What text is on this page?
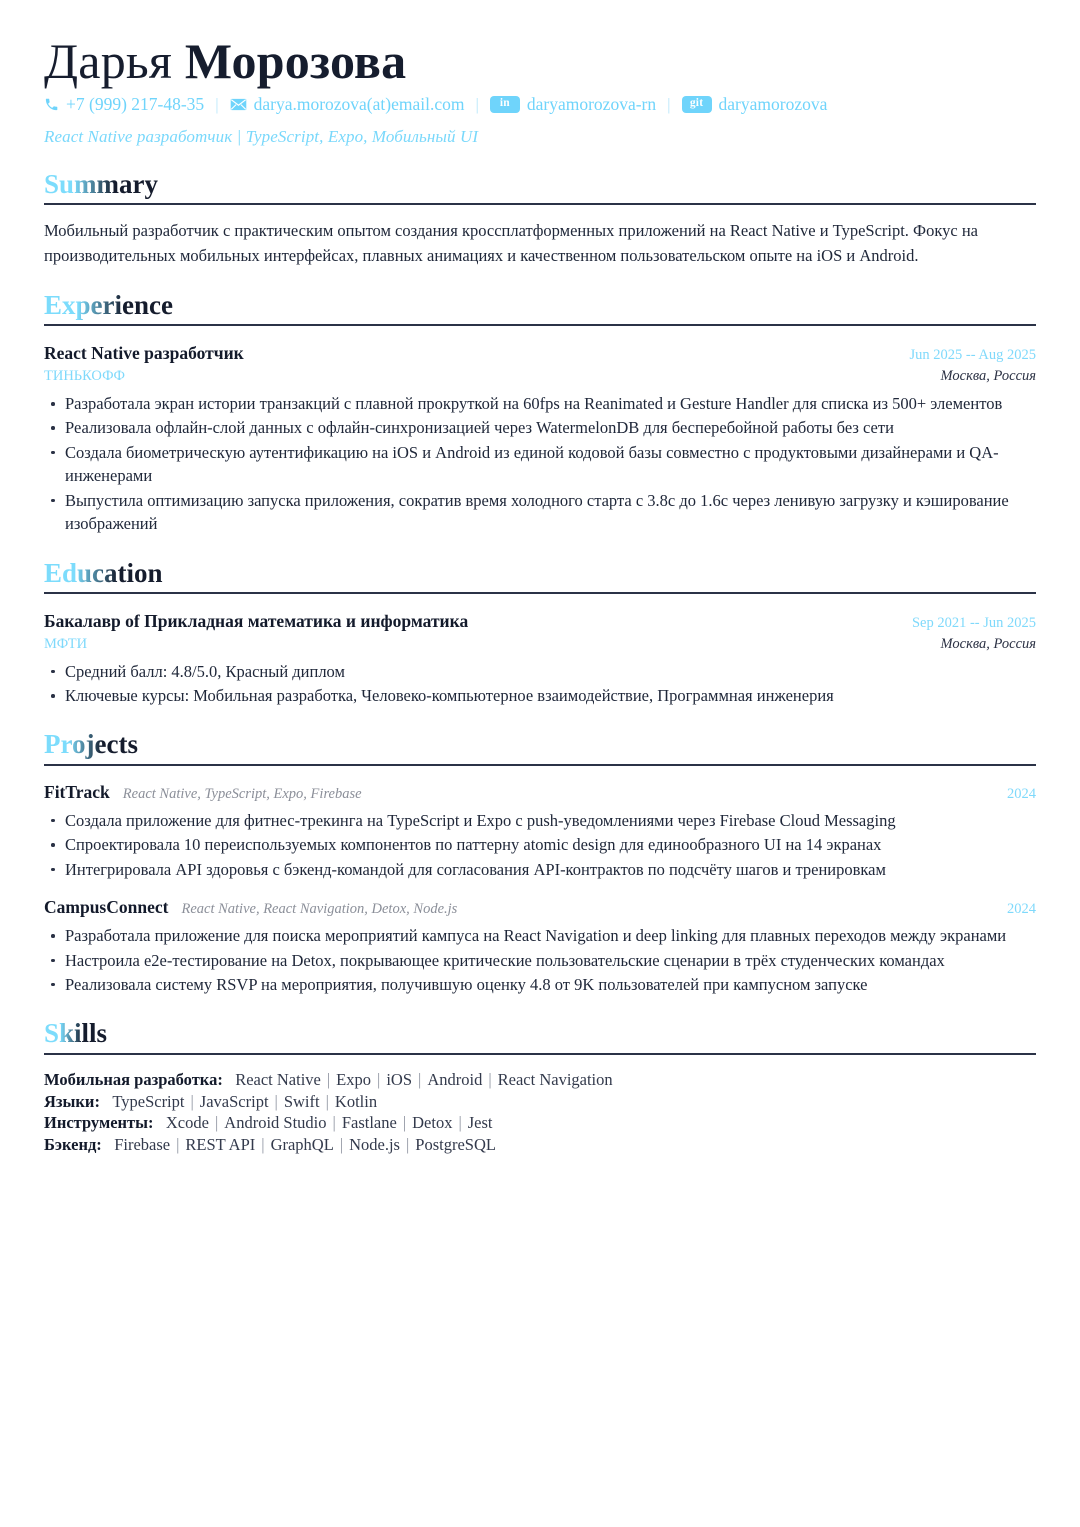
Дарья Морозова
+7 (999) 217-48-35 |	darya.morozova(at)email.com |	in daryamorozova-rn |	git daryamorozova
React Native разработчик | TypeScript, Expo, Мобильный UI
Summary

Мобильный разработчик с практическим опытом создания кроссплатформенных приложений на React Native и TypeScript. Фокус на производительных мобильных интерфейсах, плавных анимациях и качественном пользовательском опыте на iOS и Android.

Experience
React Native разработчик	Jun 2025 -- Aug 2025
ТИНЬКОФФ	Москва, Россия
Разработала экран истории транзакций с плавной прокруткой на 60fps на Reanimated и Gesture Handler для списка из 500+ элементов
Реализовала офлайн-слой данных с офлайн-синхронизацией через WatermelonDB для бесперебойной работы без сети
Создала биометрическую аутентификацию на iOS и Android из единой кодовой базы совместно с продуктовыми дизайнерами и QA-инженерами
Выпустила оптимизацию запуска приложения, сократив время холодного старта с 3.8с до 1.6с через ленивую загрузку и кэширование изображений
Education
Бакалавр of Прикладная математика и информатика	Sep 2021 -- Jun 2025
МФТИ	Москва, Россия
Средний балл: 4.8/5.0, Красный диплом
Ключевые курсы: Мобильная разработка, Человеко-компьютерное взаимодействие, Программная инженерия
Projects
FitTrack React Native, TypeScript, Expo, Firebase	2024
Создала приложение для фитнес-трекинга на TypeScript и Expo с push-уведомлениями через Firebase Cloud Messaging
Спроектировала 10 переиспользуемых компонентов по паттерну atomic design для единообразного UI на 14 экранах
Интегрировала API здоровья с бэкенд-командой для согласования API-контрактов по подсчёту шагов и тренировкам
CampusConnect React Native, React Navigation, Detox, Node.js	2024
Разработала приложение для поиска мероприятий кампуса на React Navigation и deep linking для плавных переходов между экранами
Настроила e2e-тестирование на Detox, покрывающее критические пользовательские сценарии в трёх студенческих командах
Реализовала систему RSVP на мероприятия, получившую оценку 4.8 от 9K пользователей при кампусном запуске
Skills
Мобильная разработка: React Native | Expo | iOS | Android | React Navigation
Языки: TypeScript | JavaScript | Swift | Kotlin
Инструменты: Xcode | Android Studio | Fastlane | Detox | Jest
Бэкенд: Firebase | REST API | GraphQL | Node.js | PostgreSQL
